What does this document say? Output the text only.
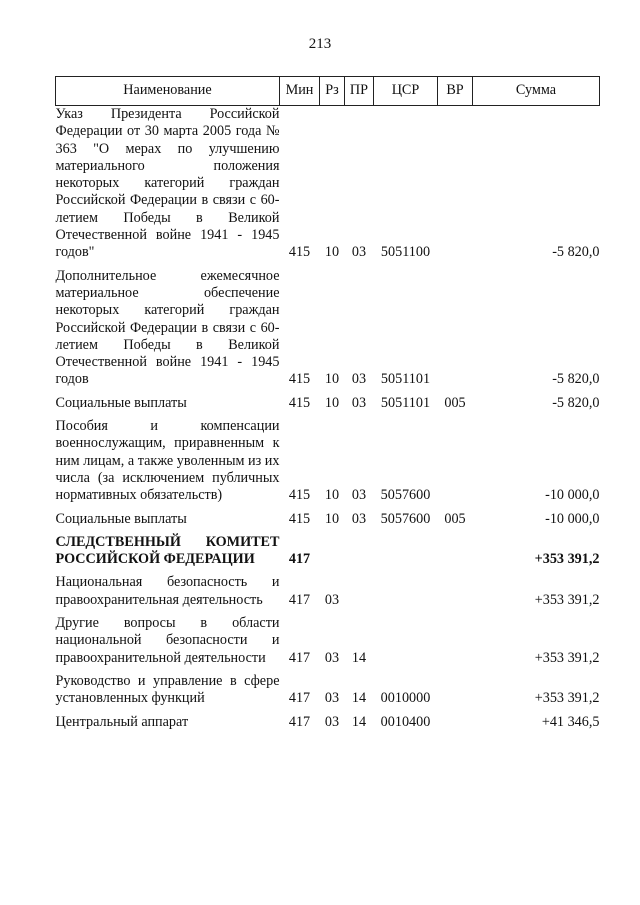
213
Наименование	Мин	Рз	ПР	ЦСР	ВР	Сумма
Указ Президента Российской Федерации от 30 марта 2005 года № 363 "О мерах по улучшению материального положения некоторых категорий граждан Российской Федерации в связи с 60-летием Победы в Великой Отечественной войне 1941 - 1945 годов"	415	10	03	5051100		-5 820,0

Дополнительное ежемесячное материальное обеспечение некоторых категорий граждан Российской Федерации в связи с 60-летием Победы в Великой Отечественной войне 1941 - 1945 годов	415	10	03	5051101		-5 820,0

Социальные выплаты	415	10	03	5051101	005	-5 820,0

Пособия и компенсации военнослужащим, приравненным к ним лицам, а также уволенным из их числа (за исключением публичных нормативных обязательств)	415	10	03	5057600		-10 000,0

Социальные выплаты	415	10	03	5057600	005	-10 000,0

СЛЕДСТВЕННЫЙ КОМИТЕТ РОССИЙСКОЙ ФЕДЕРАЦИИ	417					+353 391,2

Национальная безопасность и правоохранительная деятельность	417	03				+353 391,2

Другие вопросы в области национальной безопасности и правоохранительной деятельности	417	03	14			+353 391,2

Руководство и управление в сфере установленных функций	417	03	14	0010000		+353 391,2

Центральный аппарат	417	03	14	0010400		+41 346,5
